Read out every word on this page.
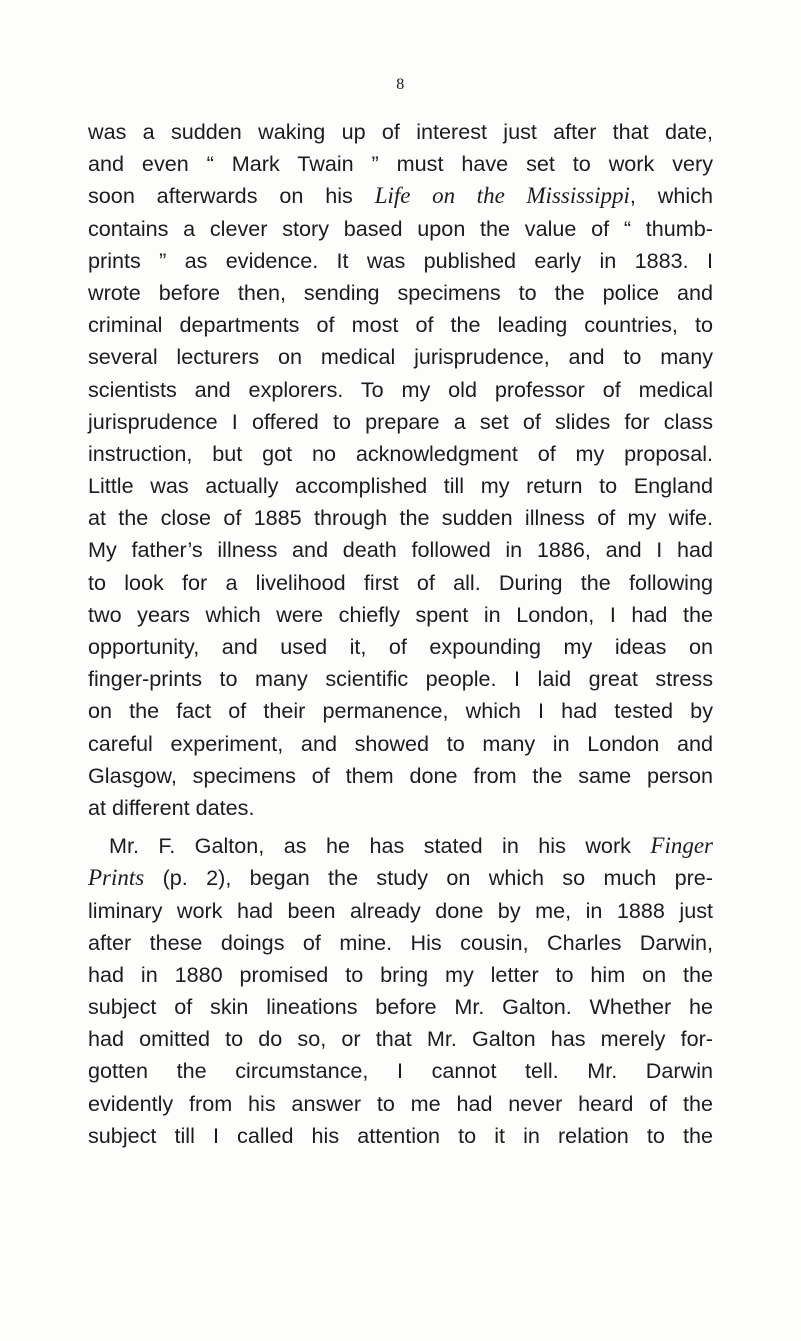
8
was a sudden waking up of interest just after that date,
and even “ Mark Twain ” must have set to work very
soon afterwards on his Life on the Mississippi, which
contains a clever story based upon the value of “ thumb-
prints ” as evidence. It was published early in 1883. I
wrote before then, sending specimens to the police and
criminal departments of most of the leading countries, to
several lecturers on medical jurisprudence, and to many
scientists and explorers. To my old professor of medical
jurisprudence I offered to prepare a set of slides for class
instruction, but got no acknowledgment of my proposal.
Little was actually accomplished till my return to England
at the close of 1885 through the sudden illness of my wife.
My father’s illness and death followed in 1886, and I had
to look for a livelihood first of all. During the following
two years which were chiefly spent in London, I had the
opportunity, and used it, of expounding my ideas on
finger-prints to many scientific people. I laid great stress
on the fact of their permanence, which I had tested by
careful experiment, and showed to many in London and
Glasgow, specimens of them done from the same person
at different dates.
Mr. F. Galton, as he has stated in his work Finger
Prints (p. 2), began the study on which so much pre-
liminary work had been already done by me, in 1888 just
after these doings of mine. His cousin, Charles Darwin,
had in 1880 promised to bring my letter to him on the
subject of skin lineations before Mr. Galton. Whether he
had omitted to do so, or that Mr. Galton has merely for-
gotten the circumstance, I cannot tell. Mr. Darwin
evidently from his answer to me had never heard of the
subject till I called his attention to it in relation to the
